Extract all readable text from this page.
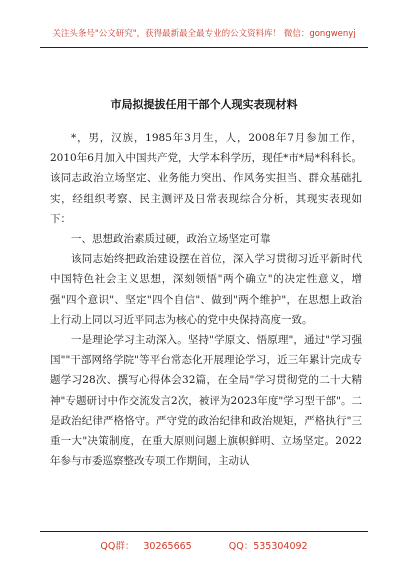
关注头条号"公文研究"，获得最新最全最专业的公文资料库！ 微信：gongwenyj
市局拟提拔任用干部个人现实表现材料

*，男，汉族，1985年3月生，人，2008年7月参加工作，2010年6月加入中国共产党，大学本科学历，现任*市*局*科科长。该同志政治立场坚定、业务能力突出、作风务实担当、群众基础扎实，经组织考察、民主测评及日常表现综合分析，其现实表现如下：

一、思想政治素质过硬，政治立场坚定可靠

该同志始终把政治建设摆在首位，深入学习贯彻习近平新时代中国特色社会主义思想，深刻领悟"两个确立"的决定性意义，增强"四个意识"、坚定"四个自信"、做到"两个维护"，在思想上政治上行动上同以习近平同志为核心的党中央保持高度一致。

一是理论学习主动深入。坚持"学原文、悟原理"，通过"学习强国""干部网络学院"等平台常态化开展理论学习，近三年累计完成专题学习28次、撰写心得体会32篇，在全局"学习贯彻党的二十大精神"专题研讨中作交流发言2次，被评为2023年度"学习型干部"。二是政治纪律严格恪守。严守党的政治纪律和政治规矩，严格执行"三重一大"决策制度，在重大原则问题上旗帜鲜明、立场坚定。2022年参与市委巡察整改专项工作期间，主动认

QQ群： 30265665	QQ：535304092
